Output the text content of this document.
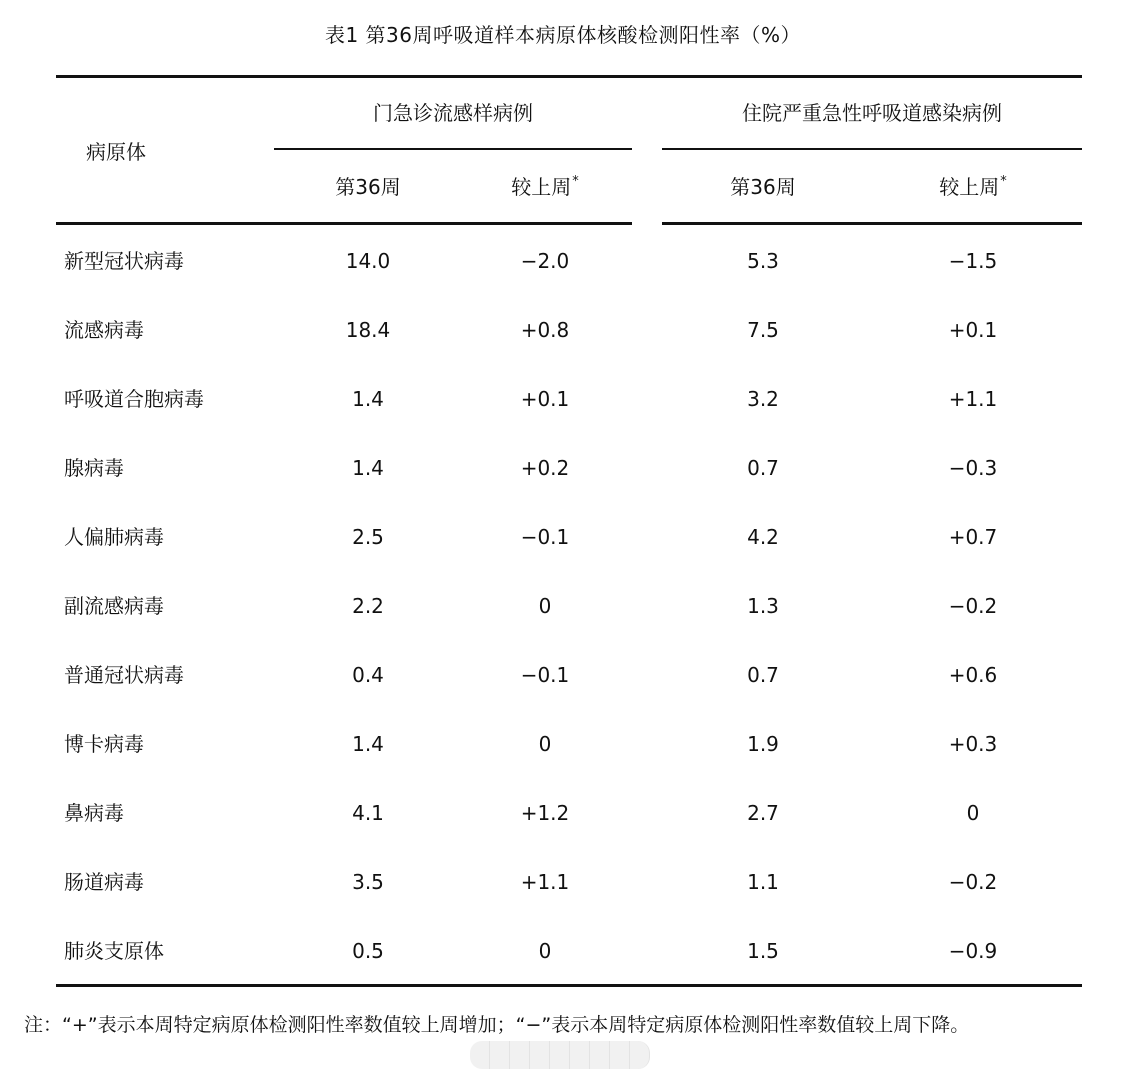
表1 第36周呼吸道样本病原体核酸检测阳性率（%）
病原体
门急诊流感样病例	住院严重急性呼吸道感染病例
第36周	较上周*	第36周	较上周*
新型冠状病毒	14.0	−2.0	5.3	−1.5
流感病毒	18.4	+0.8	7.5	+0.1
呼吸道合胞病毒	1.4	+0.1	3.2	+1.1
腺病毒	1.4	+0.2	0.7	−0.3
人偏肺病毒	2.5	−0.1	4.2	+0.7
副流感病毒	2.2	0	1.3	−0.2
普通冠状病毒	0.4	−0.1	0.7	+0.6
博卡病毒	1.4	0	1.9	+0.3
鼻病毒	4.1	+1.2	2.7	0
肠道病毒	3.5	+1.1	1.1	−0.2
肺炎支原体	0.5	0	1.5	−0.9
注：“+”表示本周特定病原体检测阳性率数值较上周增加；“−”表示本周特定病原体检测阳性率数值较上周下降。
